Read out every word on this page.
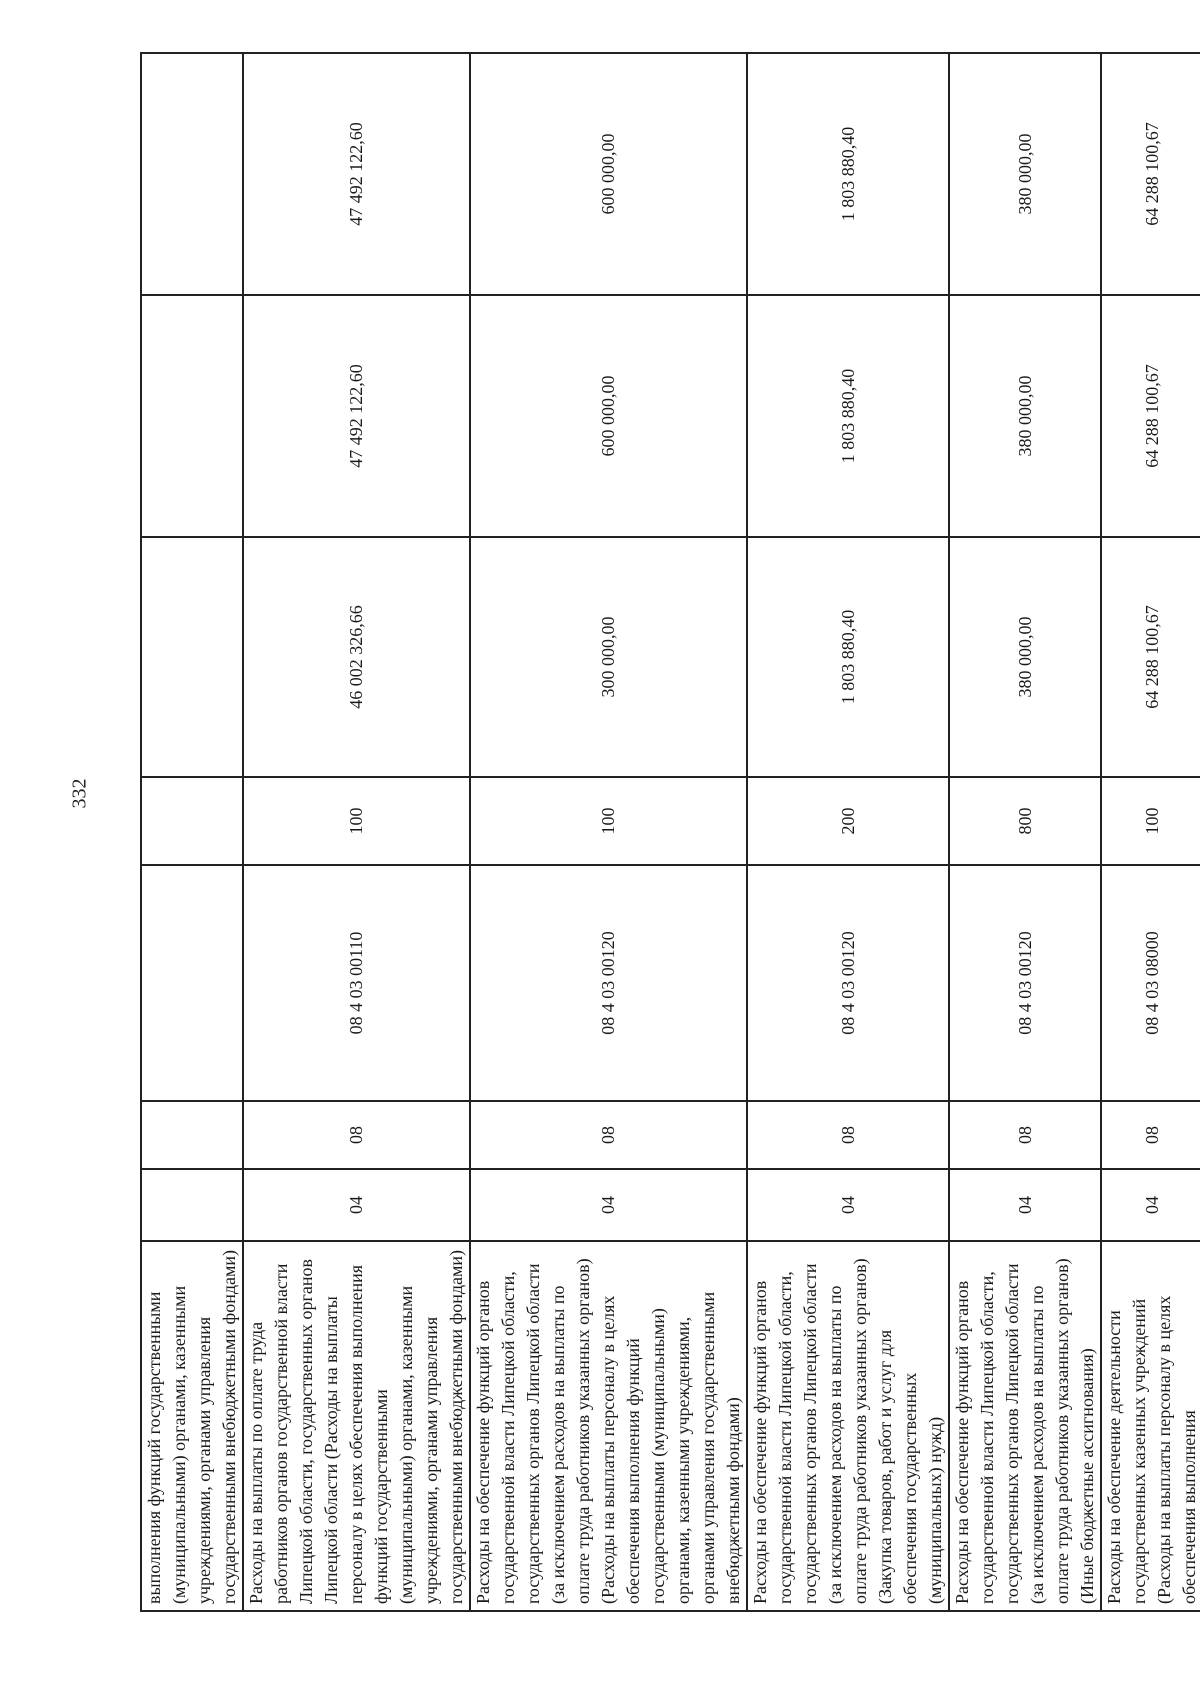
332
выполнения функций государственными (муниципальными) органами, казенными учреждениями, органами управления государственными внебюджетными фондами)							
Расходы на выплаты по оплате труда работников органов государственной власти Липецкой области, государственных органов Липецкой области (Расходы на выплаты персоналу в целях обеспечения выполнения функций государственными (муниципальными) органами, казенными учреждениями, органами управления государственными внебюджетными фондами)	04	08	08 4 03 00110	100	46 002 326,66	47 492 122,60	47 492 122,60
Расходы на обеспечение функций органов государственной власти Липецкой области, государственных органов Липецкой области (за исключением расходов на выплаты по оплате труда работников указанных органов) (Расходы на выплаты персоналу в целях обеспечения выполнения функций государственными (муниципальными) органами, казенными учреждениями, органами управления государственными внебюджетными фондами)	04	08	08 4 03 00120	100	300 000,00	600 000,00	600 000,00
Расходы на обеспечение функций органов государственной власти Липецкой области, государственных органов Липецкой области (за исключением расходов на выплаты по оплате труда работников указанных органов) (Закупка товаров, работ и услуг для обеспечения государственных (муниципальных) нужд)	04	08	08 4 03 00120	200	1 803 880,40	1 803 880,40	1 803 880,40
Расходы на обеспечение функций органов государственной власти Липецкой области, государственных органов Липецкой области (за исключением расходов на выплаты по оплате труда работников указанных органов) (Иные бюджетные ассигнования)	04	08	08 4 03 00120	800	380 000,00	380 000,00	380 000,00
Расходы на обеспечение деятельности государственных казенных учреждений (Расходы на выплаты персоналу в целях обеспечения выполнения	04	08	08 4 03 08000	100	64 288 100,67	64 288 100,67	64 288 100,67
